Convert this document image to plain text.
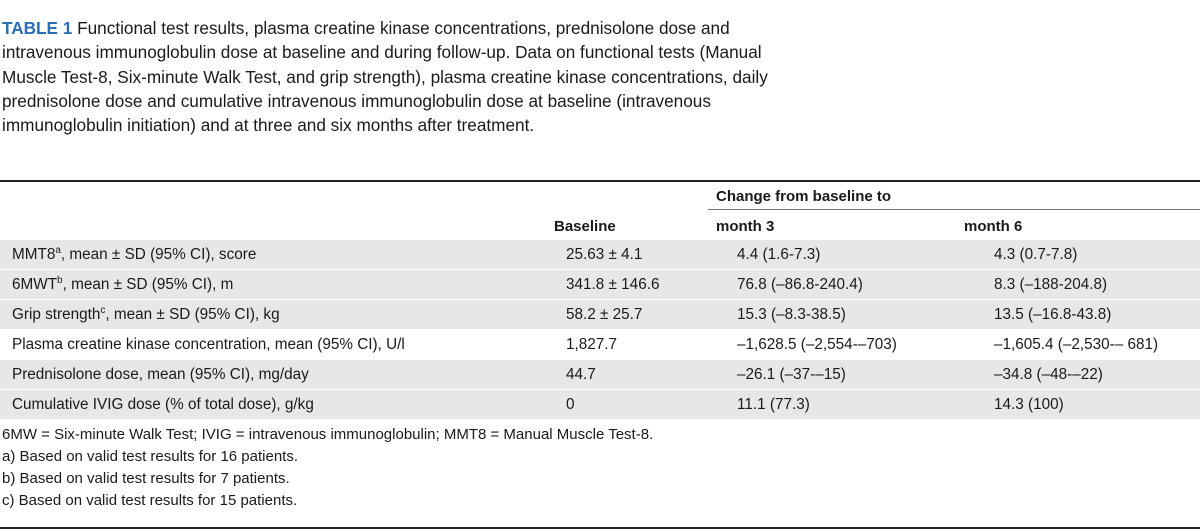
TABLE 1 Functional test results, plasma creatine kinase concentrations, prednisolone dose and intravenous immunoglobulin dose at baseline and during follow-up. Data on functional tests (Manual Muscle Test-8, Six-minute Walk Test, and grip strength), plasma creatine kinase concentrations, daily prednisolone dose and cumulative intravenous immunoglobulin dose at baseline (intravenous immunoglobulin initiation) and at three and six months after treatment.
Change from baseline to
Baseline	month 3	month 6
MMT8$^a$, mean ± SD (95% CI), score	25.63 ± 4.1	4.4 (1.6-7.3)	4.3 (0.7-7.8)
6MWT$^b$, mean ± SD (95% CI), m	341.8 ± 146.6	76.8 (–86.8-240.4)	8.3 (–188-204.8)
Grip strength$^c$, mean ± SD (95% CI), kg	58.2 ± 25.7	15.3 (–8.3-38.5)	13.5 (–16.8-43.8)
Plasma creatine kinase concentration, mean (95% CI), U/l	1,827.7	–1,628.5 (–2,554-–703)	–1,605.4 (–2,530-– 681)
Prednisolone dose, mean (95% CI), mg/day	44.7	–26.1 (–37-–15)	–34.8 (–48-–22)
Cumulative IVIG dose (% of total dose), g/kg	0	11.1 (77.3)	14.3 (100)
6MW = Six-minute Walk Test; IVIG = intravenous immunoglobulin; MMT8 = Manual Muscle Test-8.
a) Based on valid test results for 16 patients.
b) Based on valid test results for 7 patients.
c) Based on valid test results for 15 patients.
